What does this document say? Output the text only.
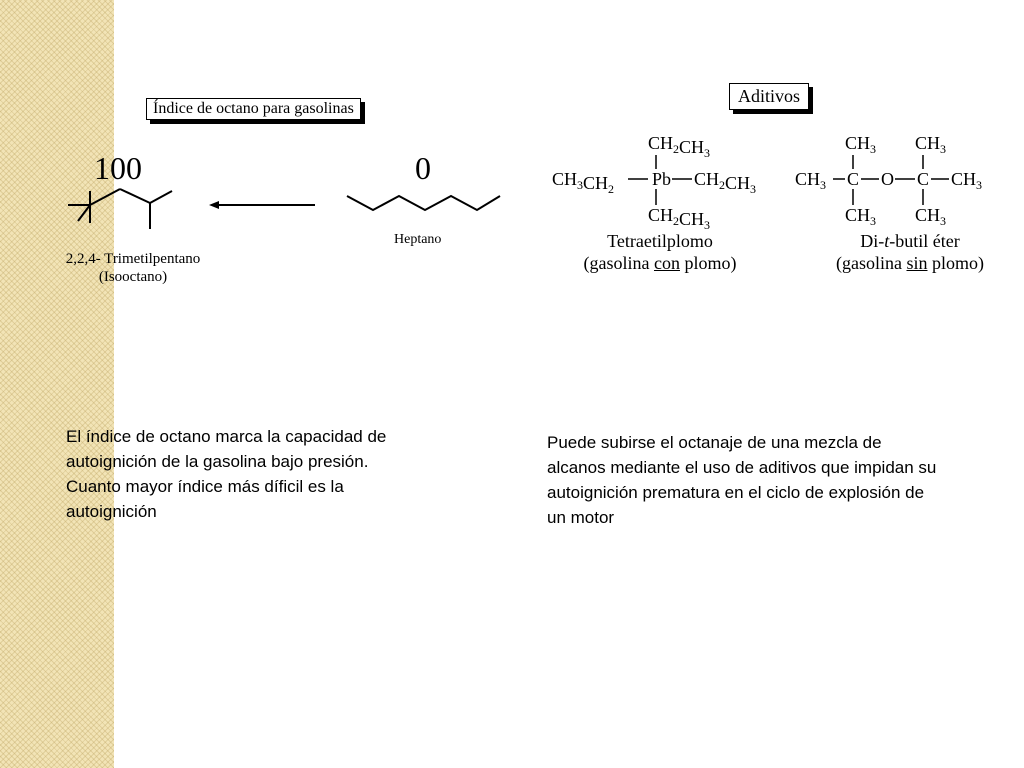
Índice de octano para gasolinas
100
2,2,4- Trimetilpentano
(Isooctano)
0
Heptano
Aditivos
$CH_2CH_3$
$CH_3CH_2$ Pb $CH_2CH_3$
$CH_2CH_3$
Tetraetilplomo
(gasolina con plomo)
$CH_3$ $CH_3$
$CH_3$ C O C $CH_3$
$CH_3$ $CH_3$
Di-t-butil éter
(gasolina sin plomo)
El índice de octano marca la capacidad de autoignición de la gasolina bajo presión. Cuanto mayor índice más díficil es la autoignición
Puede subirse el octanaje de una mezcla de alcanos mediante el uso de aditivos que impidan su autoignición prematura en el ciclo de explosión de un motor
